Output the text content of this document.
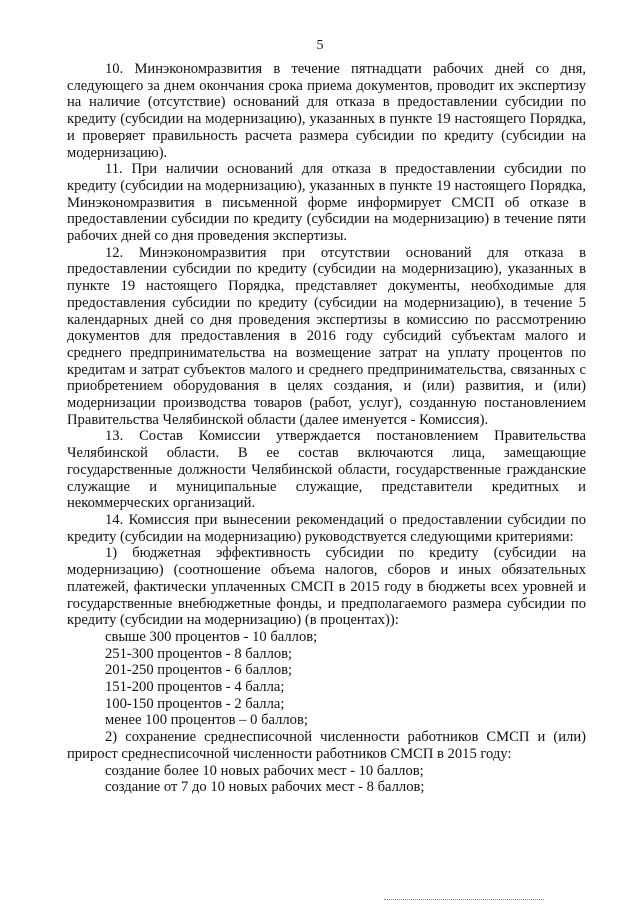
5

10. Минэкономразвития в течение пятнадцати рабочих дней со дня, следующего за днем окончания срока приема документов, проводит их экспертизу на наличие (отсутствие) оснований для отказа в предоставлении субсидии по кредиту (субсидии на модернизацию), указанных в пункте 19 настоящего Порядка, и проверяет правильность расчета размера субсидии по кредиту (субсидии на модернизацию).

11. При наличии оснований для отказа в предоставлении субсидии по кредиту (субсидии на модернизацию), указанных в пункте 19 настоящего Порядка, Минэкономразвития в письменной форме информирует СМСП об отказе в предоставлении субсидии по кредиту (субсидии на модернизацию) в течение пяти рабочих дней со дня проведения экспертизы.

12. Минэкономразвития при отсутствии оснований для отказа в предоставлении субсидии по кредиту (субсидии на модернизацию), указанных в пункте 19 настоящего Порядка, представляет документы, необходимые для предоставления субсидии по кредиту (субсидии на модернизацию), в течение 5 календарных дней со дня проведения экспертизы в комиссию по рассмотрению документов для предоставления в 2016 году субсидий субъектам малого и среднего предпринимательства на возмещение затрат на уплату процентов по кредитам и затрат субъектов малого и среднего предпринимательства, связанных с приобретением оборудования в целях создания, и (или) развития, и (или) модернизации производства товаров (работ, услуг), созданную постановлением Правительства Челябинской области (далее именуется - Комиссия).

13. Состав Комиссии утверждается постановлением Правительства Челябинской области. В ее состав включаются лица, замещающие государственные должности Челябинской области, государственные гражданские служащие и муниципальные служащие, представители кредитных и некоммерческих организаций.

14. Комиссия при вынесении рекомендаций о предоставлении субсидии по кредиту (субсидии на модернизацию) руководствуется следующими критериями:

1) бюджетная эффективность субсидии по кредиту (субсидии на модернизацию) (соотношение объема налогов, сборов и иных обязательных платежей, фактически уплаченных СМСП в 2015 году в бюджеты всех уровней и государственные внебюджетные фонды, и предполагаемого размера субсидии по кредиту (субсидии на модернизацию) (в процентах)):

свыше 300 процентов - 10 баллов;

251-300 процентов - 8 баллов;

201-250 процентов - 6 баллов;

151-200 процентов - 4 балла;

100-150 процентов - 2 балла;

менее 100 процентов – 0 баллов;

2) сохранение среднесписочной численности работников СМСП и (или) прирост среднесписочной численности работников СМСП в 2015 году:

создание более 10 новых рабочих мест - 10 баллов;

создание от 7 до 10 новых рабочих мест - 8 баллов;
